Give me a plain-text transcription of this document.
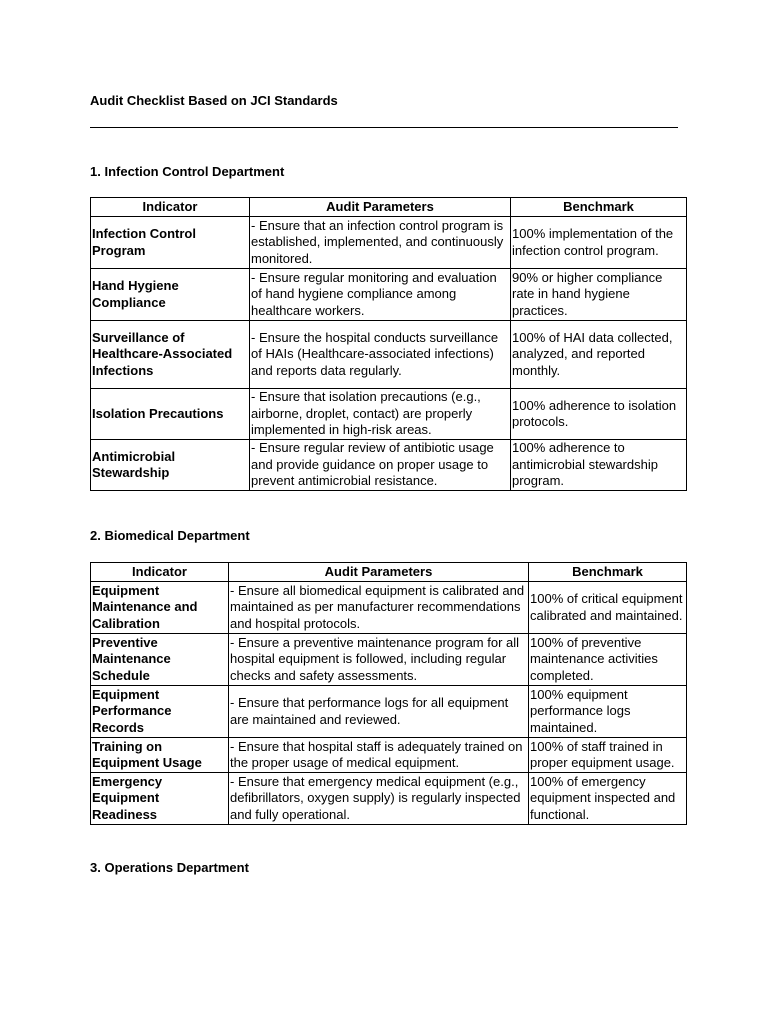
Audit Checklist Based on JCI Standards
1. Infection Control Department
Indicator	Audit Parameters	Benchmark
Infection Control Program	- Ensure that an infection control program is established, implemented, and continuously monitored.	100% implementation of the infection control program.
Hand Hygiene Compliance	- Ensure regular monitoring and evaluation of hand hygiene compliance among healthcare workers.	90% or higher compliance rate in hand hygiene practices.
Surveillance of Healthcare-Associated Infections	- Ensure the hospital conducts surveillance of HAIs (Healthcare-associated infections) and reports data regularly.	100% of HAI data collected, analyzed, and reported monthly.
Isolation Precautions	- Ensure that isolation precautions (e.g., airborne, droplet, contact) are properly implemented in high-risk areas.	100% adherence to isolation protocols.
Antimicrobial Stewardship	- Ensure regular review of antibiotic usage and provide guidance on proper usage to prevent antimicrobial resistance.	100% adherence to antimicrobial stewardship program.
2. Biomedical Department
Indicator	Audit Parameters	Benchmark
Equipment Maintenance and Calibration	- Ensure all biomedical equipment is calibrated and maintained as per manufacturer recommendations and hospital protocols.	100% of critical equipment calibrated and maintained.
Preventive Maintenance Schedule	- Ensure a preventive maintenance program for all hospital equipment is followed, including regular checks and safety assessments.	100% of preventive maintenance activities completed.
Equipment Performance Records	- Ensure that performance logs for all equipment are maintained and reviewed.	100% equipment performance logs maintained.
Training on Equipment Usage	- Ensure that hospital staff is adequately trained on the proper usage of medical equipment.	100% of staff trained in proper equipment usage.
Emergency Equipment Readiness	- Ensure that emergency medical equipment (e.g., defibrillators, oxygen supply) is regularly inspected and fully operational.	100% of emergency equipment inspected and functional.
3. Operations Department
